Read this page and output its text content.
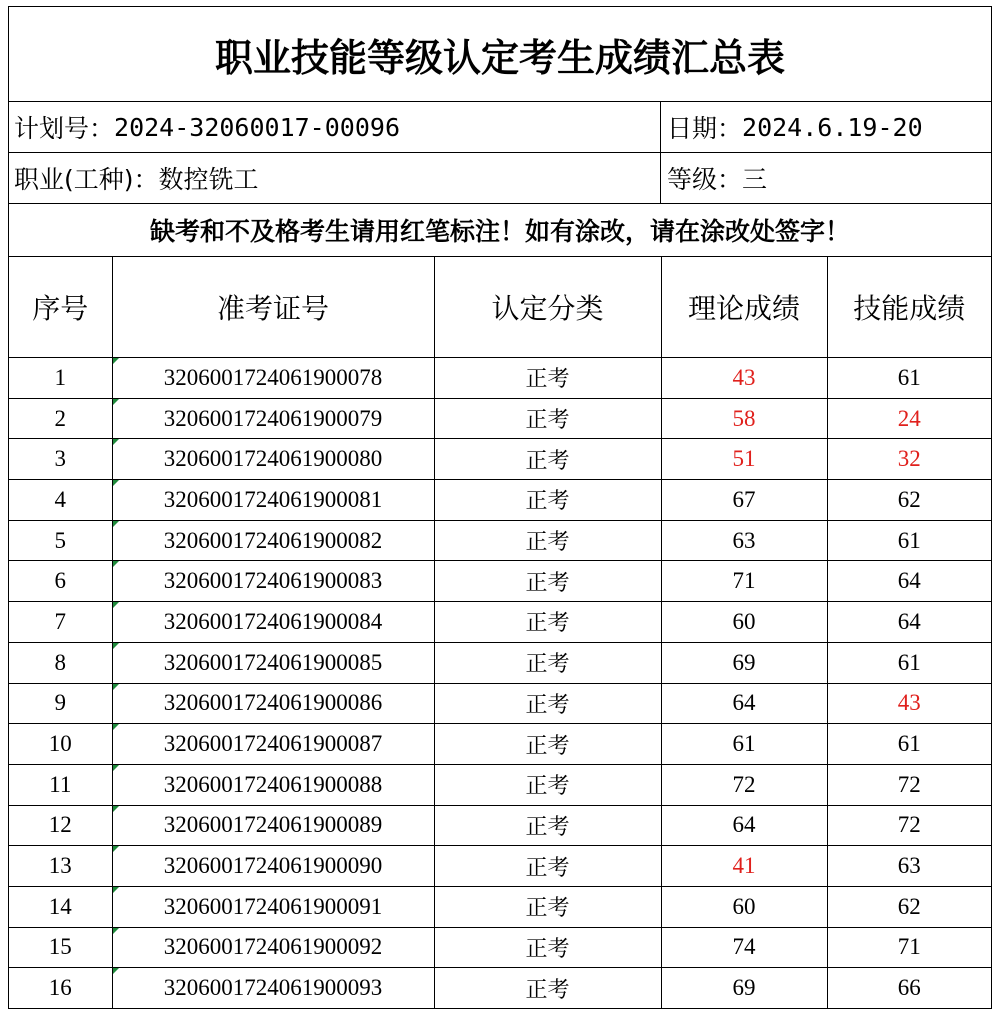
职业技能等级认定考生成绩汇总表
计划号： 2024-32060017-00096	日期： 2024.6.19-20
职业(工种)： 数控铣工	等级： 三
缺考和不及格考生请用红笔标注！如有涂改，请在涂改处签字！
序号	准考证号	认定分类	理论成绩	技能成绩
1	3206001724061900078	正考	43	61
2	3206001724061900079	正考	58	24
3	3206001724061900080	正考	51	32
4	3206001724061900081	正考	67	62
5	3206001724061900082	正考	63	61
6	3206001724061900083	正考	71	64
7	3206001724061900084	正考	60	64
8	3206001724061900085	正考	69	61
9	3206001724061900086	正考	64	43
10	3206001724061900087	正考	61	61
11	3206001724061900088	正考	72	72
12	3206001724061900089	正考	64	72
13	3206001724061900090	正考	41	63
14	3206001724061900091	正考	60	62
15	3206001724061900092	正考	74	71
16	3206001724061900093	正考	69	66
